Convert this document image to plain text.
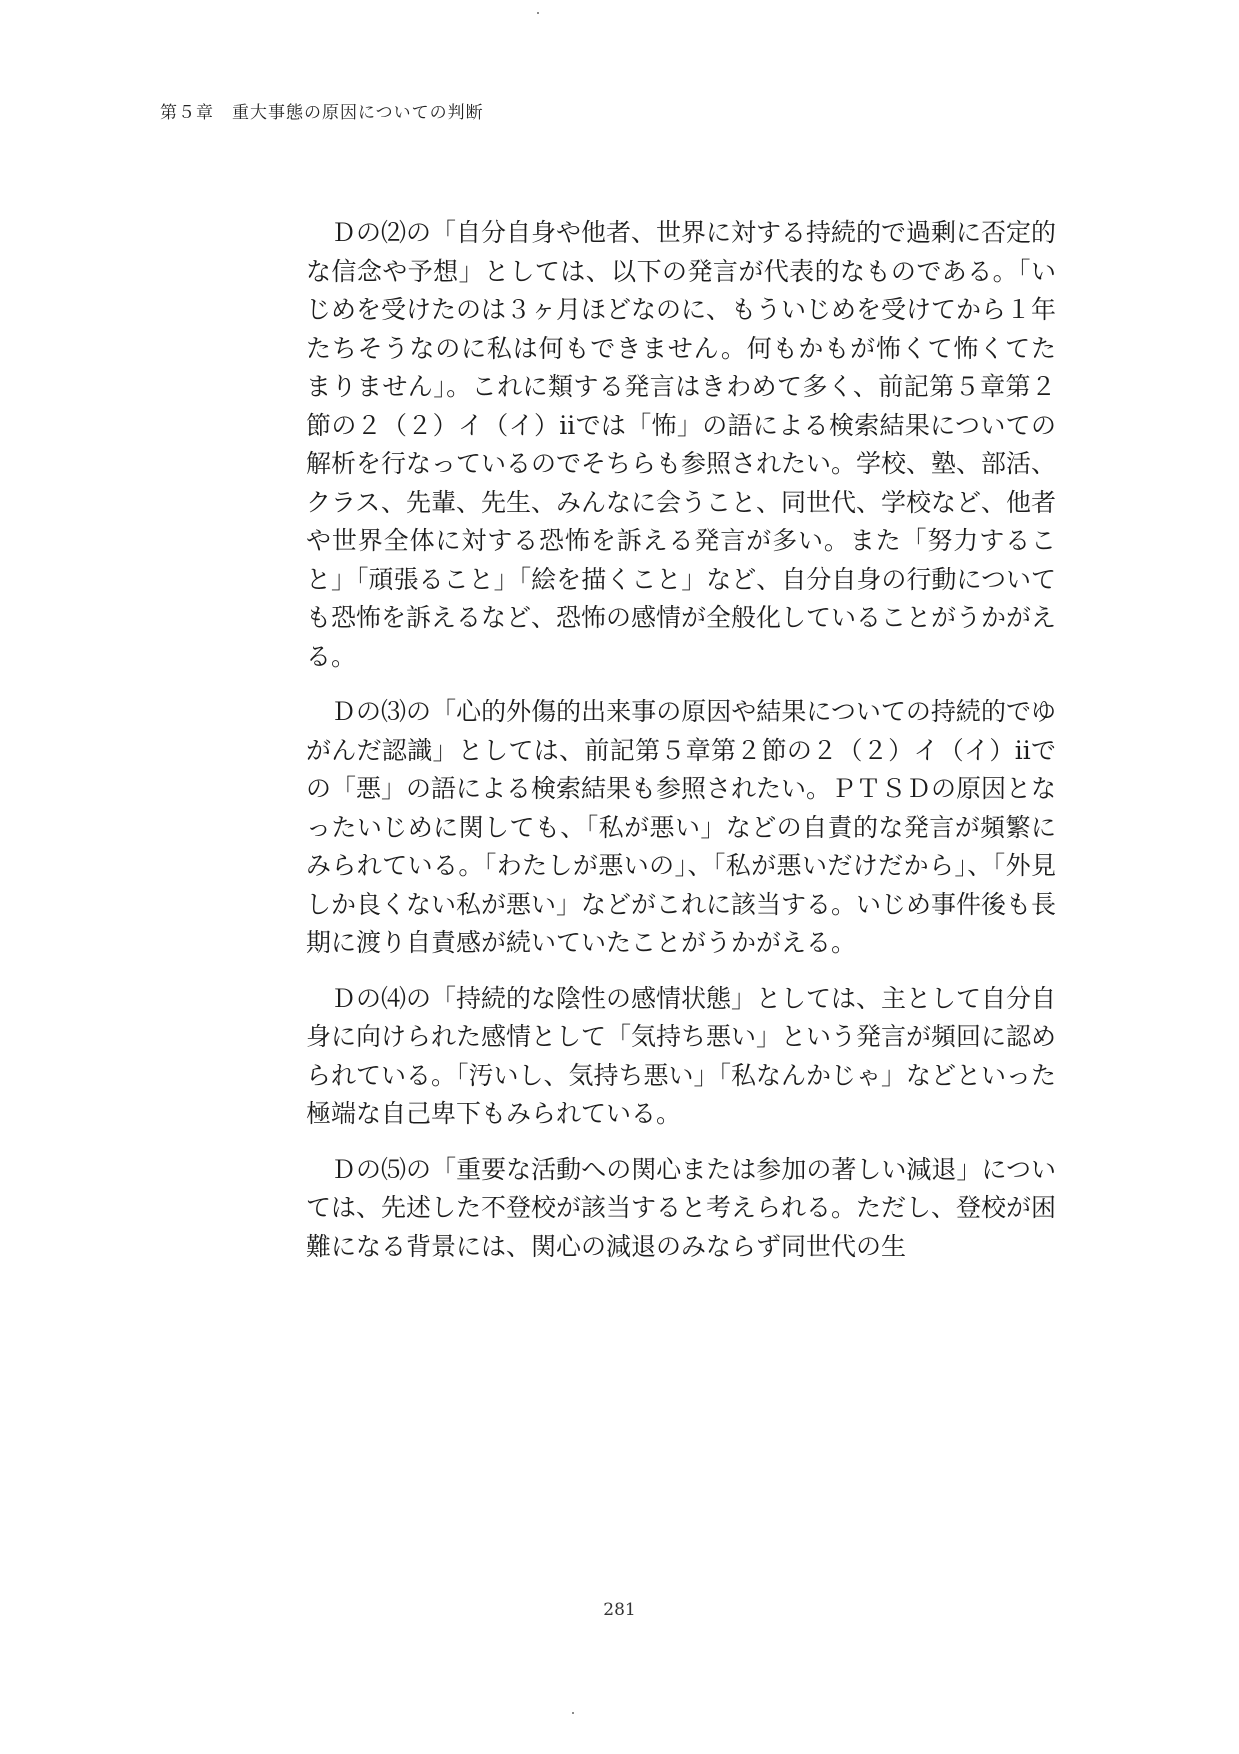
第５章　重大事態の原因についての判断

Ｄの⑵の「自分自身や他者、世界に対する持続的で過剰に否定的な信念や予想」としては、以下の発言が代表的なものである。「いじめを受けたのは３ヶ月ほどなのに、もういじめを受けてから１年たちそうなのに私は何もできません。何もかもが怖くて怖くてたまりません」。これに類する発言はきわめて多く、前記第５章第２節の２（２）イ（イ）ⅱでは「怖」の語による検索結果についての解析を行なっているのでそちらも参照されたい。学校、塾、部活、クラス、先輩、先生、みんなに会うこと、同世代、学校など、他者や世界全体に対する恐怖を訴える発言が多い。また「努力すること」「頑張ること」「絵を描くこと」など、自分自身の行動についても恐怖を訴えるなど、恐怖の感情が全般化していることがうかがえる。

Ｄの⑶の「心的外傷的出来事の原因や結果についての持続的でゆがんだ認識」としては、前記第５章第２節の２（２）イ（イ）ⅱでの「悪」の語による検索結果も参照されたい。ＰＴＳＤの原因となったいじめに関しても、「私が悪い」などの自責的な発言が頻繁にみられている。「わたしが悪いの」、「私が悪いだけだから」、「外見しか良くない私が悪い」などがこれに該当する。いじめ事件後も長期に渡り自責感が続いていたことがうかがえる。

Ｄの⑷の「持続的な陰性の感情状態」としては、主として自分自身に向けられた感情として「気持ち悪い」という発言が頻回に認められている。「汚いし、気持ち悪い」「私なんかじゃ」などといった極端な自己卑下もみられている。

Ｄの⑸の「重要な活動への関心または参加の著しい減退」については、先述した不登校が該当すると考えられる。ただし、登校が困難になる背景には、関心の減退のみならず同世代の生

281
